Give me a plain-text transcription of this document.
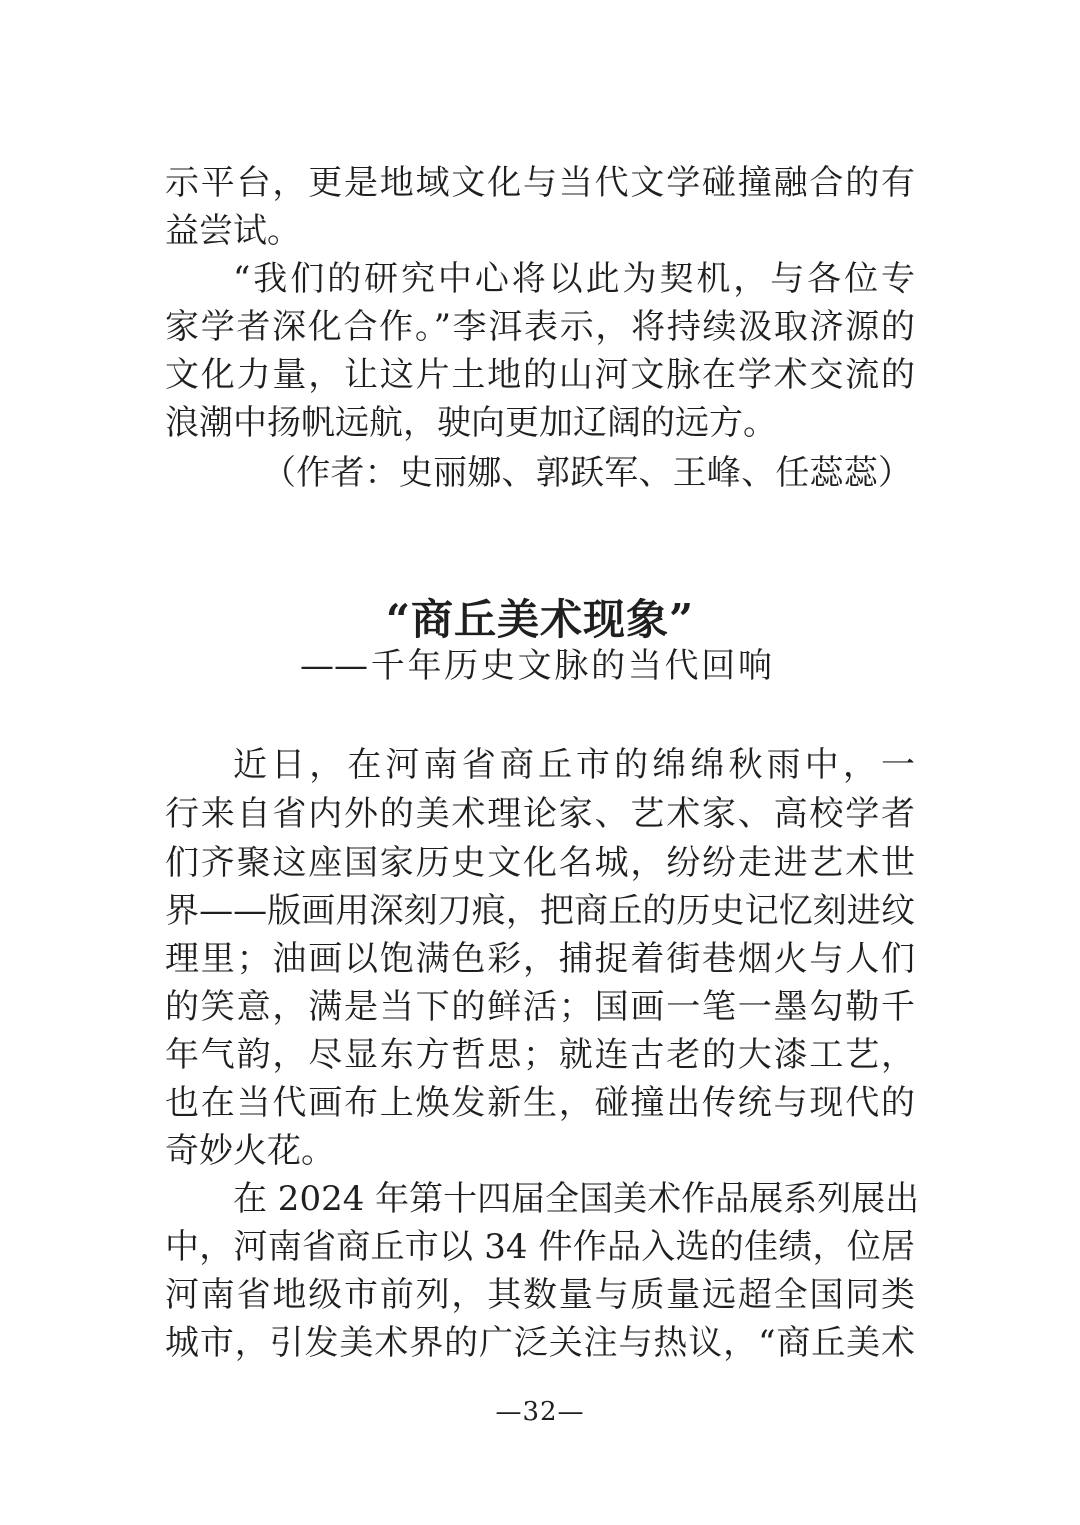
示平台，更是地域文化与当代文学碰撞融合的有
益尝试。
“我们的研究中心将以此为契机，与各位专
家学者深化合作。”李洱表示，将持续汲取济源的
文化力量，让这片土地的山河文脉在学术交流的
浪潮中扬帆远航，驶向更加辽阔的远方。
（作者：史丽娜、郭跃军、王峰、任蕊蕊）
“商丘美术现象”
——千年历史文脉的当代回响
近日，在河南省商丘市的绵绵秋雨中，一
行来自省内外的美术理论家、艺术家、高校学者
们齐聚这座国家历史文化名城，纷纷走进艺术世
界——版画用深刻刀痕，把商丘的历史记忆刻进纹
理里；油画以饱满色彩，捕捉着街巷烟火与人们
的笑意，满是当下的鲜活；国画一笔一墨勾勒千
年气韵，尽显东方哲思；就连古老的大漆工艺，
也在当代画布上焕发新生，碰撞出传统与现代的
奇妙火花。
在 2024 年第十四届全国美术作品展系列展出
中，河南省商丘市以 34 件作品入选的佳绩，位居
河南省地级市前列，其数量与质量远超全国同类
城市，引发美术界的广泛关注与热议，“商丘美术
—32—
